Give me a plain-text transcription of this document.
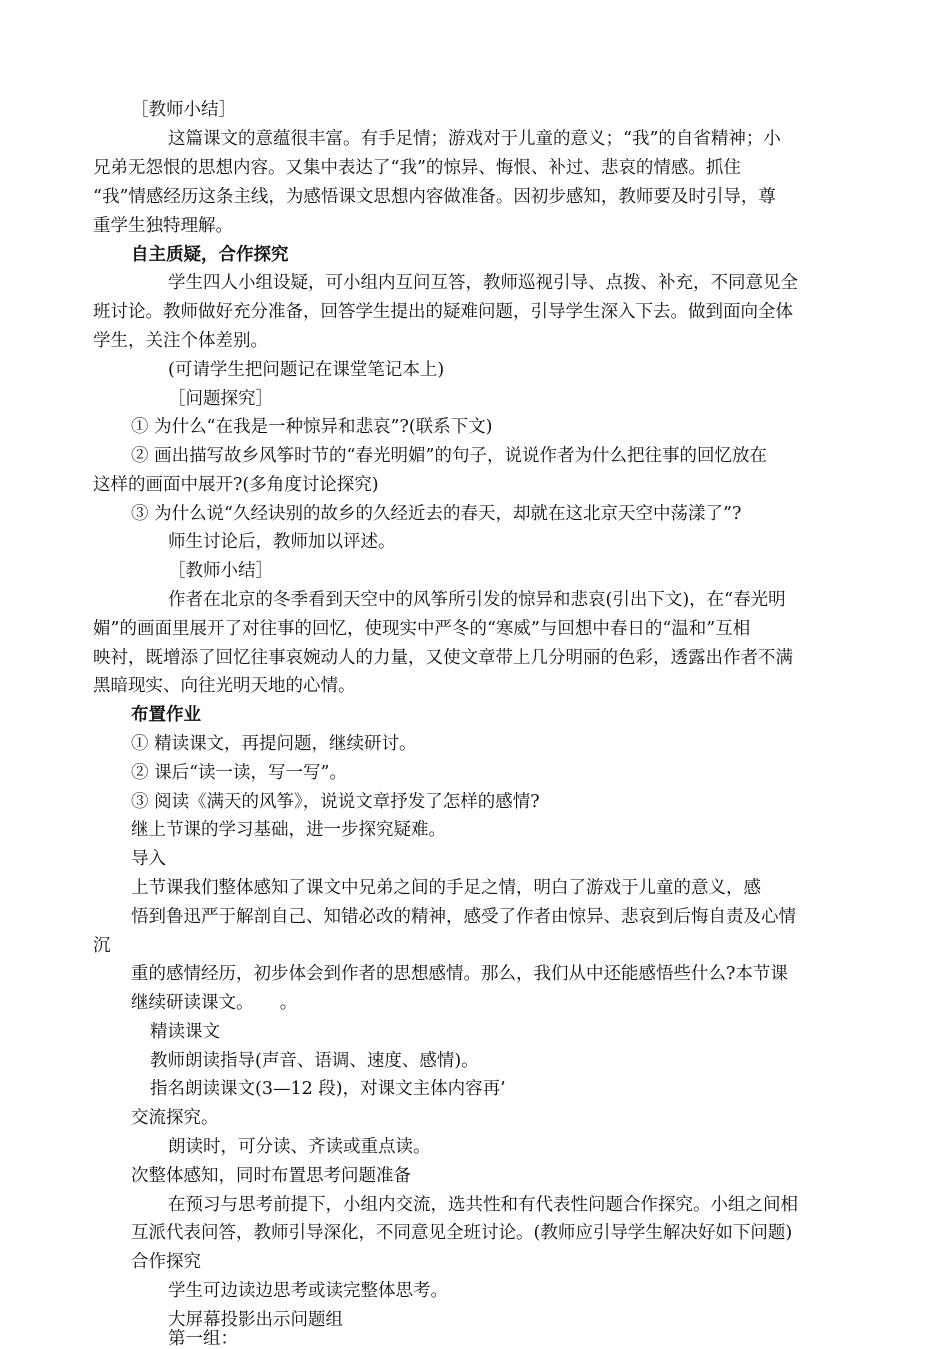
［教师小结］
这篇课文的意蕴很丰富。有手足情；游戏对于儿童的意义；“我”的自省精神；小
兄弟无怨恨的思想内容。又集中表达了“我”的惊异、悔恨、补过、悲哀的情感。抓住
“我”情感经历这条主线，为感悟课文思想内容做准备。因初步感知，教师要及时引导，尊
重学生独特理解。
自主质疑，合作探究
学生四人小组设疑，可小组内互问互答，教师巡视引导、点拨、补充，不同意见全
班讨论。教师做好充分准备，回答学生提出的疑难问题，引导学生深入下去。做到面向全体
学生，关注个体差别。
(可请学生把问题记在课堂笔记本上)
［问题探究］
① 为什么“在我是一种惊异和悲哀”?(联系下文)
② 画出描写故乡风筝时节的“春光明媚”的句子，说说作者为什么把往事的回忆放在
这样的画面中展开?(多角度讨论探究)
③ 为什么说“久经诀别的故乡的久经近去的春天，却就在这北京天空中荡漾了”?
师生讨论后，教师加以评述。
［教师小结］
作者在北京的冬季看到天空中的风筝所引发的惊异和悲哀(引出下文)，在“春光明
媚”的画面里展开了对往事的回忆，使现实中严冬的“寒威”与回想中春日的“温和”互相
映衬，既增添了回忆往事哀婉动人的力量，又使文章带上几分明丽的色彩，透露出作者不满
黑暗现实、向往光明天地的心情。
布置作业
① 精读课文，再提问题，继续研讨。
② 课后“读一读，写一写”。
③ 阅读《满天的风筝》，说说文章抒发了怎样的感情?
继上节课的学习基础，进一步探究疑难。
导入
上节课我们整体感知了课文中兄弟之间的手足之情，明白了游戏于儿童的意义，感
悟到鲁迅严于解剖自己、知错必改的精神，感受了作者由惊异、悲哀到后悔自责及心情
沉
重的感情经历，初步体会到作者的思想感情。那么，我们从中还能感悟些什么?本节课
继续研读课文。　　。
精读课文
教师朗读指导(声音、语调、速度、感情)。
指名朗读课文(3—12 段)，对课文主体内容再’
交流探究。
朗读时，可分读、齐读或重点读。
次整体感知，同时布置思考问题准备
在预习与思考前提下，小组内交流，选共性和有代表性问题合作探究。小组之间相
互派代表问答，教师引导深化，不同意见全班讨论。(教师应引导学生解决好如下问题)
合作探究
学生可边读边思考或读完整体思考。
大屏幕投影出示问题组
第一组：
